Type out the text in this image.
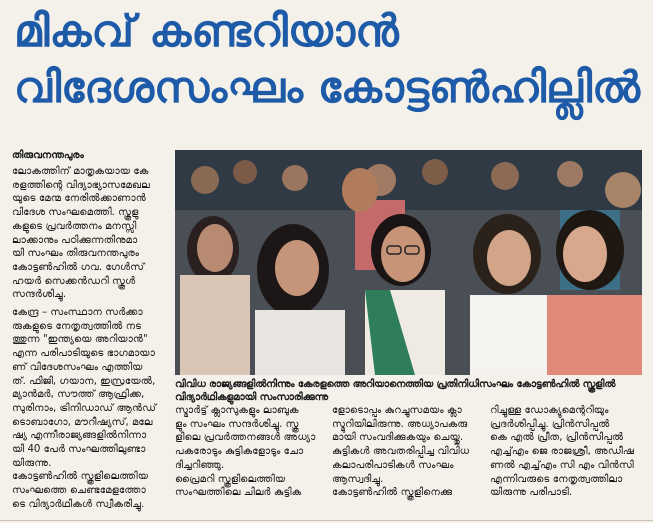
മികവ് കണ്ടറിയാൻ
വിദേശസംഘം കോട്ടൺഹില്ലിൽ
തിരുവനന്തപുരം

ലോകത്തിന് മാതൃകയായ കേ

രളത്തിന്റെ വിദ്യാഭ്യാസമേഖല

യുടെ മേന്മ നേരിൽക്കാണാൻ

വിദേശ സംഘമെത്തി. സ്കൂളു

കളുടെ പ്രവർത്തനം മനസ്സി

ലാക്കാനും പഠിക്കുന്നതിനുമാ

യി സംഘം തിരുവനന്തപുരം

കോട്ടൺഹിൽ ഗവ. ഗേൾസ്

ഹയർ സെക്കൻഡറി സ്കൂൾ

സന്ദർശിച്ചു.

കേന്ദ്ര – സംസ്ഥാന സർക്കാ

രുകളുടെ നേതൃത്വത്തിൽ നട

ത്തുന്ന "ഇന്ത്യയെ അറിയാൻ"

എന്ന പരിപാടിയുടെ ഭാഗമായാ

ണ് വിദേശസംഘം എത്തിയ

ത്. ഫിജി, ഗയാന, ഇസ്രയേൽ,

മ്യാൻമർ, സൗത്ത് ആഫ്രിക്ക,

സുരിനാം, ട്രിനിഡാഡ് ആൻഡ്

ടൊബാഗോ, മൗറീഷ്യസ്, മലേ

ഷ്യ എന്നീരാജ്യങ്ങളിൽനിന്നാ

യി 40 പേർ സംഘത്തിലുണ്ടാ

യിരുന്നു.

കോട്ടൺഹിൽ സ്കൂളിലെത്തിയ

സംഘത്തെ ചെണ്ടമേളത്തോ

ടെ വിദ്യാർഥികൾ സ്വീകരിച്ചു.

വിവിധ രാജ്യങ്ങളിൽനിന്നും കേരളത്തെ അറിയാനെത്തിയ പ്രതിനിധിസംഘം കോട്ടൺഹിൽ സ്കൂളിൽ

വിദ്യാർഥികളുമായി സംസാരിക്കുന്നു

സ്മാർട്ട് ക്ലാസുകളും ലാബുക

ളും സംഘം സന്ദർശിച്ചു. സ്കൂ

ളിലെ പ്രവർത്തനങ്ങൾ അധ്യാ

പകരോടും കുട്ടികളോടും ചോ

ദിച്ചറിഞ്ഞു.

പ്രൈമറി സ്കൂളിലെത്തിയ

സംഘത്തിലെ ചിലർ കുട്ടിക

ളോടൊപ്പം കുറച്ചുസമയം ക്ലാ

സ്മുറിയിലിരുന്നു. അധ്യാപകരു

മായി സംവദിക്കുകയും ചെയ്തു.

കുട്ടികൾ അവതരിപ്പിച്ച വിവിധ

കലാപരിപാടികൾ സംഘം

ആസ്വദിച്ചു.

കോട്ടൺഹിൽ സ്കൂളിനെക്കു

റിച്ചുള്ള ഡോക്യുമെന്ററിയും

പ്രദർശിപ്പിച്ചു. പ്രിൻസിപ്പൽ

കെ എൽ പ്രീത, പ്രിൻസിപ്പൽ

എച്ച്എം ജെ രാജശ്രീ, അഡീഷ

ണൽ എച്ച്എം സി എം വിൻസി

എന്നിവരുടെ നേതൃത്വത്തിലാ

യിരുന്നു പരിപാടി.
